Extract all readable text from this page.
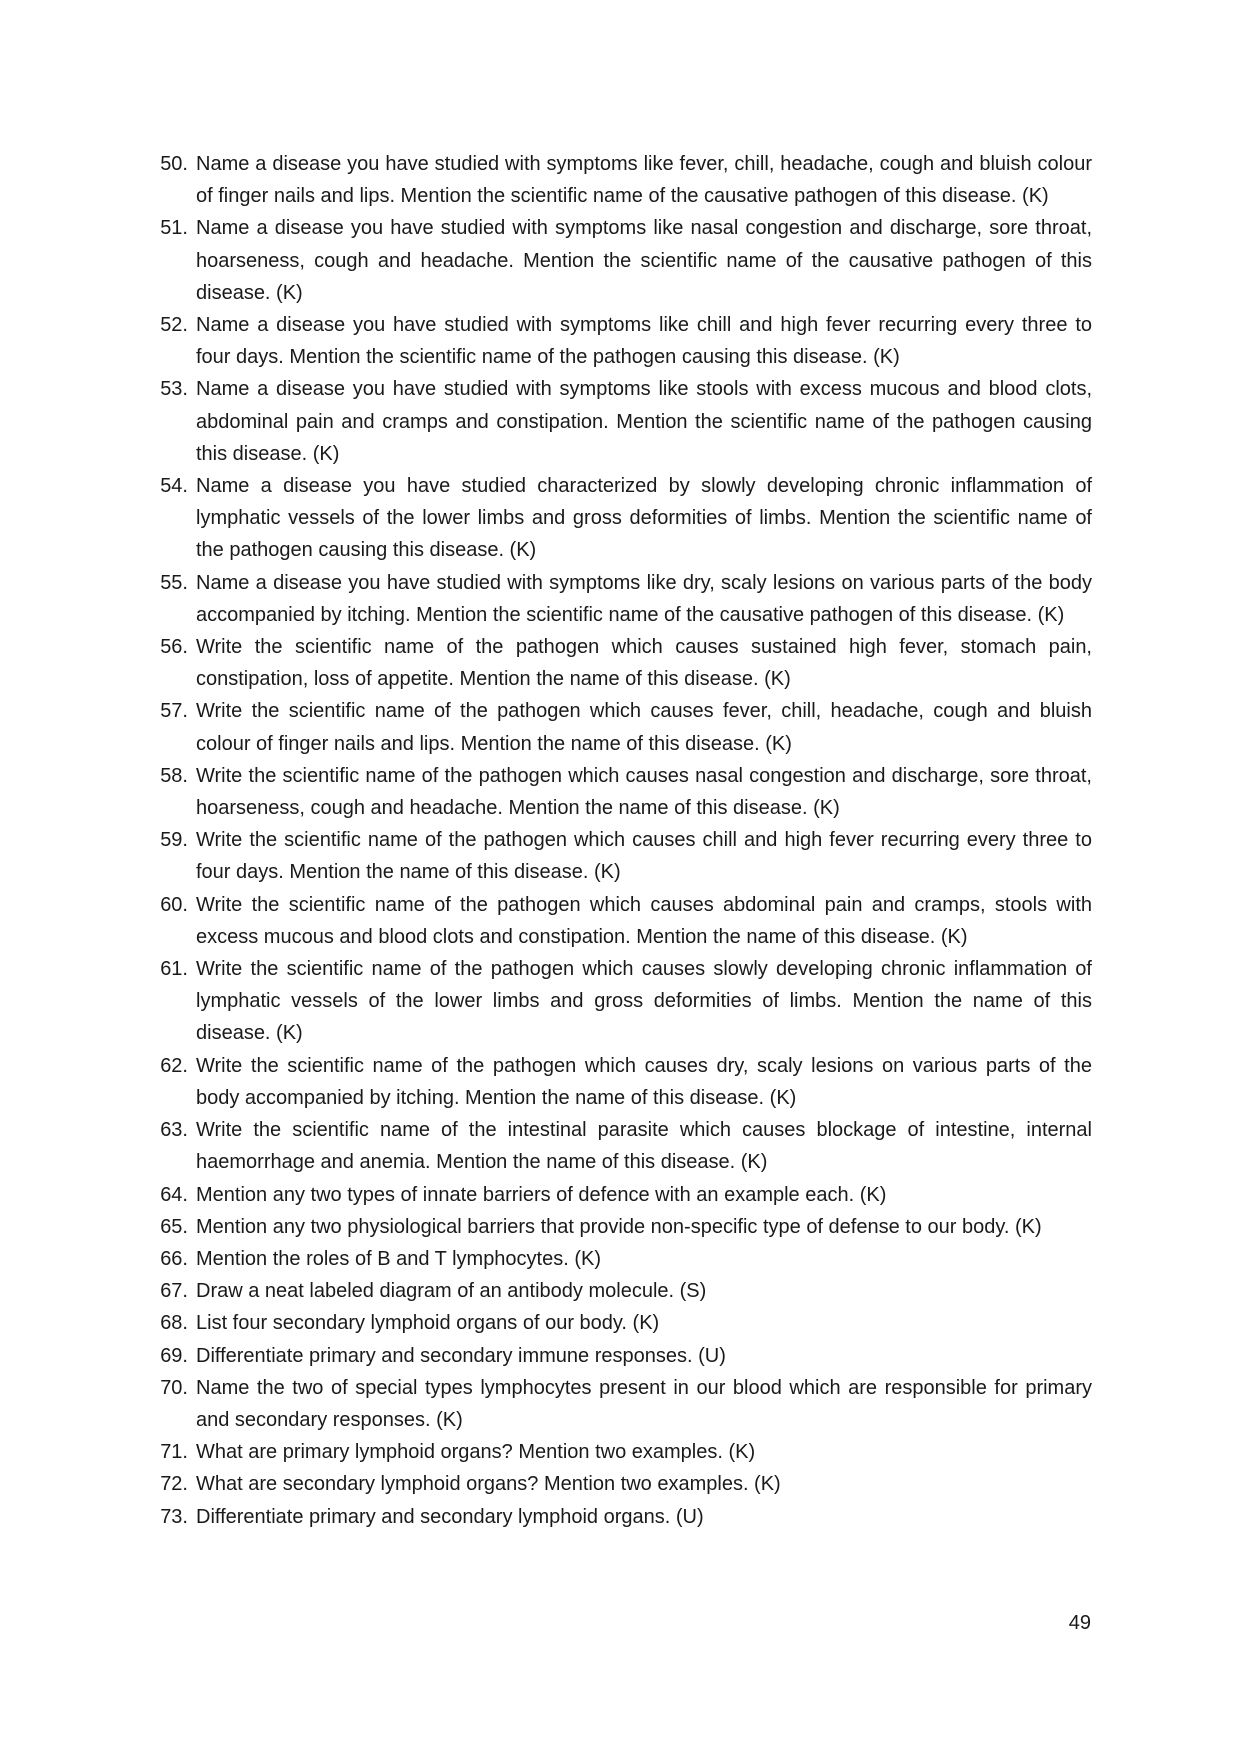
50. Name a disease you have studied with symptoms like fever, chill, headache, cough and bluish colour of finger nails and lips. Mention the scientific name of the causative pathogen of this disease. (K)
51. Name a disease you have studied with symptoms like nasal congestion and discharge, sore throat, hoarseness, cough and headache. Mention the scientific name of the causative pathogen of this disease. (K)
52. Name a disease you have studied with symptoms like chill and high fever recurring every three to four days. Mention the scientific name of the pathogen causing this disease. (K)
53. Name a disease you have studied with symptoms like stools with excess mucous and blood clots, abdominal pain and cramps and constipation. Mention the scientific name of the pathogen causing this disease. (K)
54. Name a disease you have studied characterized by slowly developing chronic inflammation of lymphatic vessels of the lower limbs and gross deformities of limbs. Mention the scientific name of the pathogen causing this disease. (K)
55. Name a disease you have studied with symptoms like dry, scaly lesions on various parts of the body accompanied by itching. Mention the scientific name of the causative pathogen of this disease. (K)
56. Write the scientific name of the pathogen which causes sustained high fever, stomach pain, constipation, loss of appetite. Mention the name of this disease. (K)
57. Write the scientific name of the pathogen which causes fever, chill, headache, cough and bluish colour of finger nails and lips. Mention the name of this disease. (K)
58. Write the scientific name of the pathogen which causes nasal congestion and discharge, sore throat, hoarseness, cough and headache. Mention the name of this disease. (K)
59. Write the scientific name of the pathogen which causes chill and high fever recurring every three to four days. Mention the name of this disease. (K)
60. Write the scientific name of the pathogen which causes abdominal pain and cramps, stools with excess mucous and blood clots and constipation. Mention the name of this disease. (K)
61. Write the scientific name of the pathogen which causes slowly developing chronic inflammation of lymphatic vessels of the lower limbs and gross deformities of limbs. Mention the name of this disease. (K)
62. Write the scientific name of the pathogen which causes dry, scaly lesions on various parts of the body accompanied by itching. Mention the name of this disease. (K)
63. Write the scientific name of the intestinal parasite which causes blockage of intestine, internal haemorrhage and anemia. Mention the name of this disease. (K)
64. Mention any two types of innate barriers of defence with an example each. (K)
65. Mention any two physiological barriers that provide non-specific type of defense to our body. (K)
66. Mention the roles of B and T lymphocytes. (K)
67. Draw a neat labeled diagram of an antibody molecule. (S)
68. List four secondary lymphoid organs of our body. (K)
69. Differentiate primary and secondary immune responses. (U)
70. Name the two of special types lymphocytes present in our blood which are responsible for primary and secondary responses. (K)
71. What are primary lymphoid organs? Mention two examples. (K)
72. What are secondary lymphoid organs? Mention two examples. (K)
73. Differentiate primary and secondary lymphoid organs. (U)
49
